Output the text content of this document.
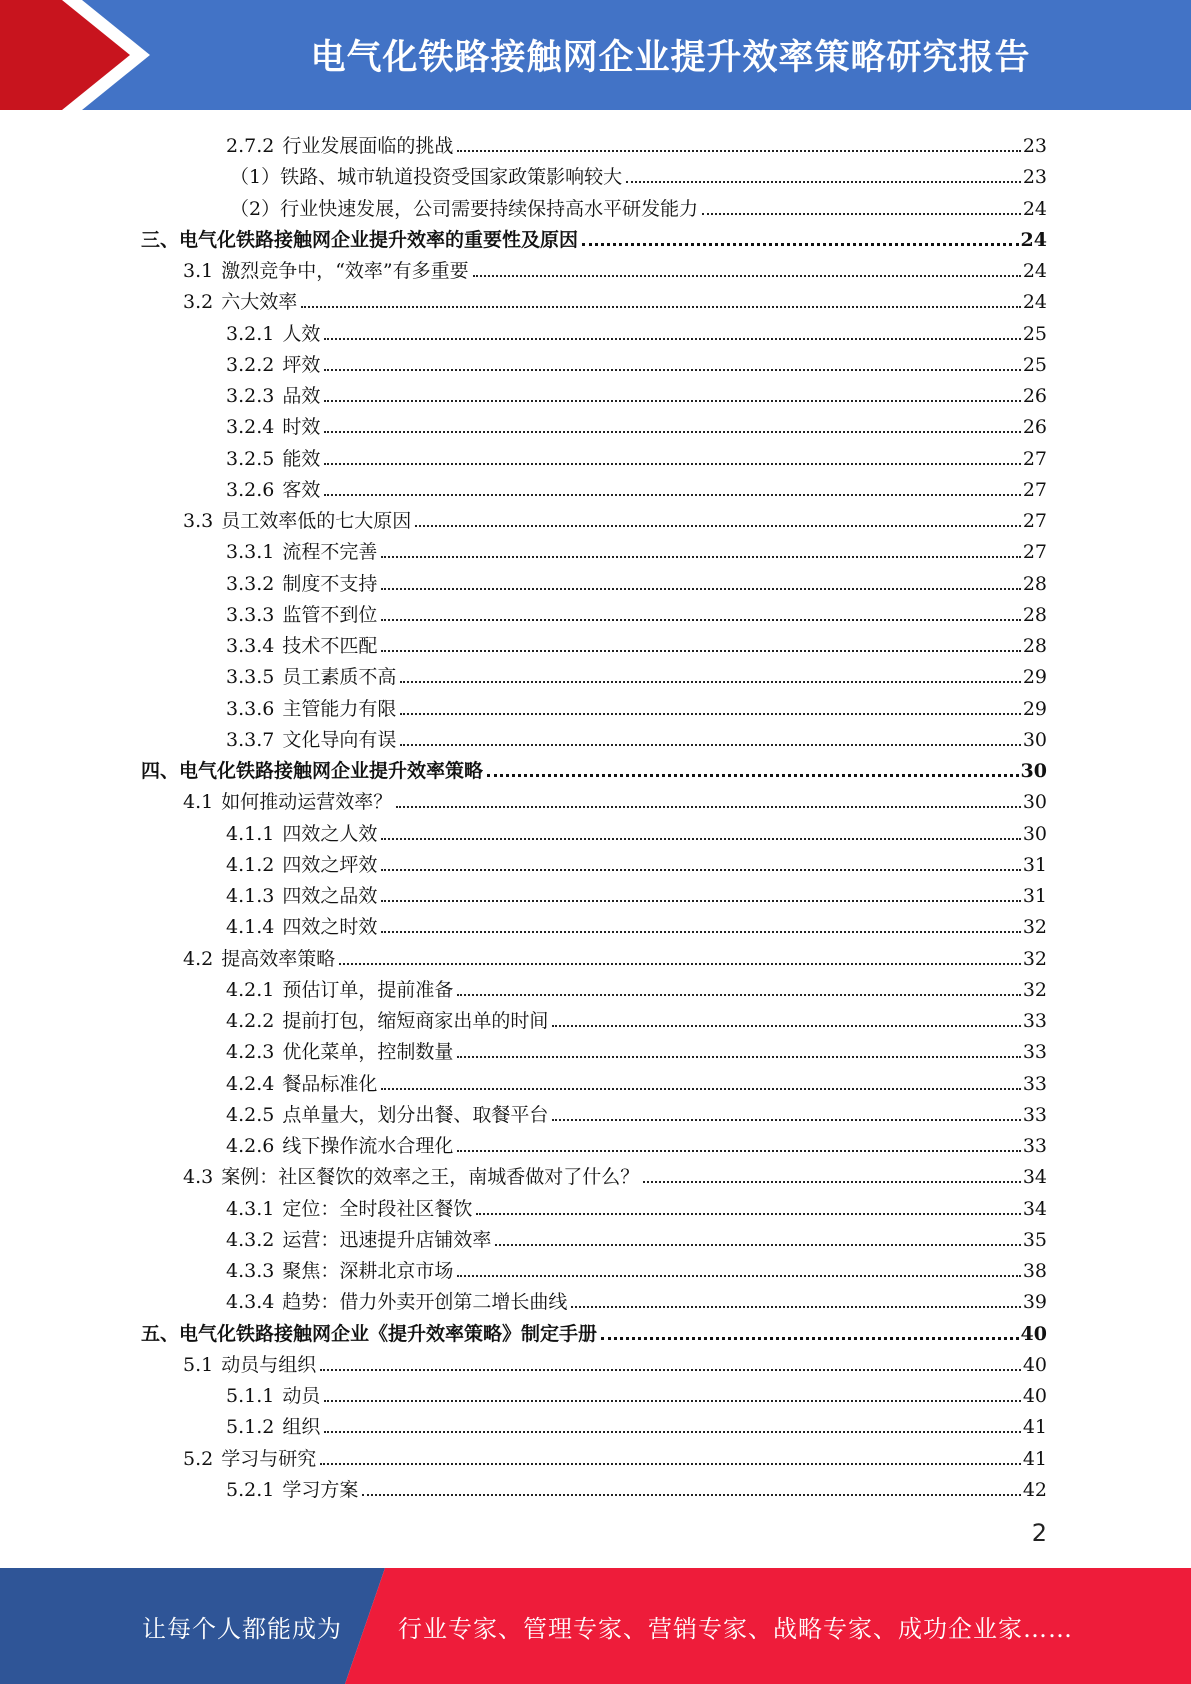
电气化铁路接触网企业提升效率策略研究报告
2.7.2 行业发展面临的挑战	23
（1）铁路、城市轨道投资受国家政策影响较大	23
（2）行业快速发展，公司需要持续保持高水平研发能力	24
三、电气化铁路接触网企业提升效率的重要性及原因	24
3.1 激烈竞争中，“效率”有多重要	24
3.2 六大效率	24
3.2.1 人效	25
3.2.2 坪效	25
3.2.3 品效	26
3.2.4 时效	26
3.2.5 能效	27
3.2.6 客效	27
3.3 员工效率低的七大原因	27
3.3.1 流程不完善	27
3.3.2 制度不支持	28
3.3.3 监管不到位	28
3.3.4 技术不匹配	28
3.3.5 员工素质不高	29
3.3.6 主管能力有限	29
3.3.7 文化导向有误	30
四、电气化铁路接触网企业提升效率策略	30
4.1 如何推动运营效率？	30
4.1.1 四效之人效	30
4.1.2 四效之坪效	31
4.1.3 四效之品效	31
4.1.4 四效之时效	32
4.2 提高效率策略	32
4.2.1 预估订单，提前准备	32
4.2.2 提前打包，缩短商家出单的时间	33
4.2.3 优化菜单，控制数量	33
4.2.4 餐品标准化	33
4.2.5 点单量大，划分出餐、取餐平台	33
4.2.6 线下操作流水合理化	33
4.3 案例：社区餐饮的效率之王，南城香做对了什么？	34
4.3.1 定位：全时段社区餐饮	34
4.3.2 运营：迅速提升店铺效率	35
4.3.3 聚焦：深耕北京市场	38
4.3.4 趋势：借力外卖开创第二增长曲线	39
五、电气化铁路接触网企业《提升效率策略》制定手册	40
5.1 动员与组织	40
5.1.1 动员	40
5.1.2 组织	41
5.2 学习与研究	41
5.2.1 学习方案	42
2
让每个人都能成为 行业专家、管理专家、营销专家、战略专家、成功企业家……
